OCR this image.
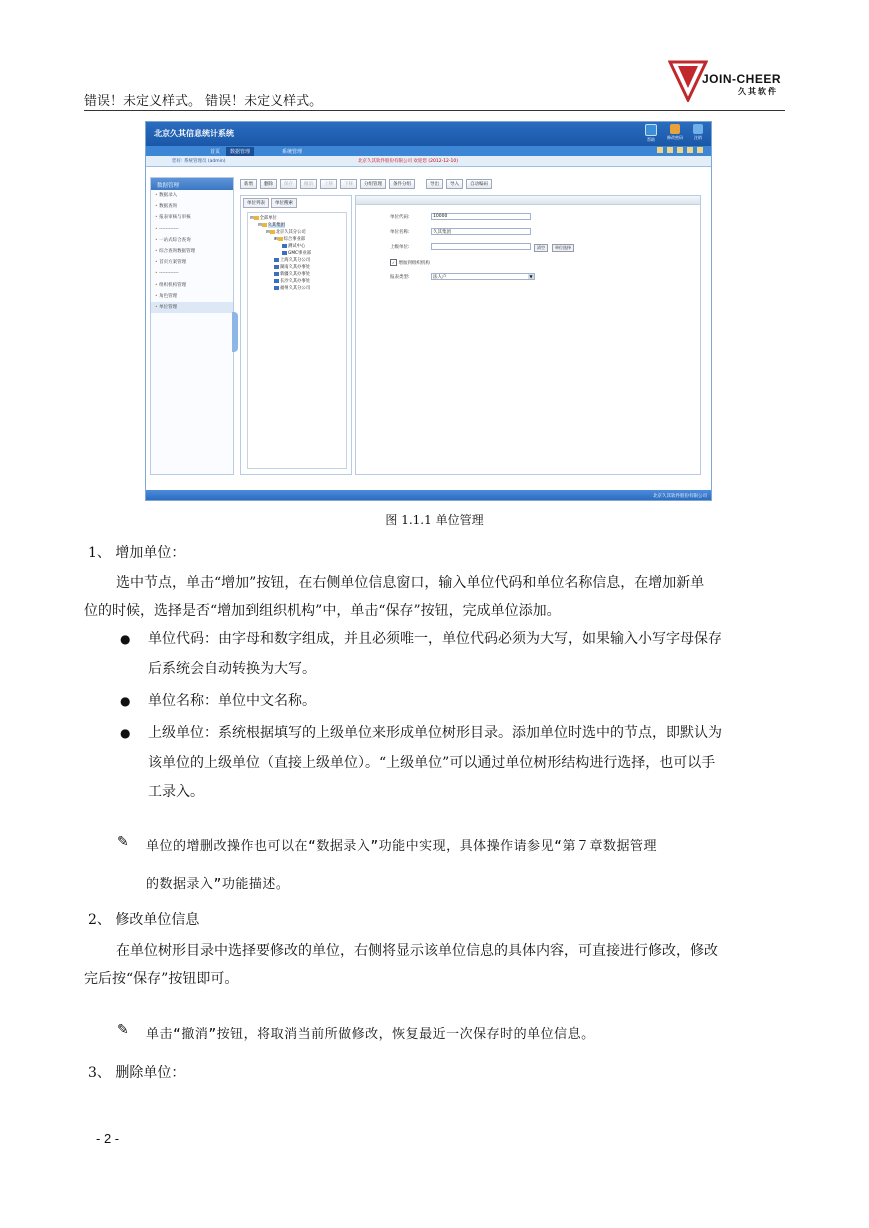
错误！未定义样式。 错误！未定义样式。
JOIN-CHEER
久其软件
北京久其信息统计系统
帮助	修改密码	注销
首页	数据管理	系统管理
您好: 系统管理员 (admin)	北京久其软件股份有限公司 欢迎您 (2012-12-10)
数据管理
• 数据录入
• 数据查询
• 报表审核与审核
• ------------
• 一站式综合查询
• 综合查询数据管理
• 首页方案管理
• ------------
• 组织机构管理
• 角色管理
• 单位管理
新增	删除	保存	撤消	上移	下移	分组管理	条件分组	导出	导入	自动编码
单位列表	单位搜索
⊟ 全部单位
⊟ 久其集团
⊟ 北京久其分公司
⊞ 综合事业部
测试中心
GMC事业部
上海久其分公司
湖南久其办事处
新疆久其办事处
长沙久其办事处
福州久其分公司
单位代码:	10000
单位名称:	久其集团
上级单位:	清空	单位选择
✓ 增加到组织机构
报表类型:	法人户	▼
北京久其软件股份有限公司
图 1.1.1 单位管理
1、 增加单位：
选中节点，单击“增加”按钮，在右侧单位信息窗口，输入单位代码和单位名称信息，在增加新单
位的时候，选择是否“增加到组织机构”中，单击“保存”按钮，完成单位添加。
● 单位代码：由字母和数字组成，并且必须唯一，单位代码必须为大写，如果输入小写字母保存
后系统会自动转换为大写。
● 单位名称：单位中文名称。
● 上级单位：系统根据填写的上级单位来形成单位树形目录。添加单位时选中的节点，即默认为
该单位的上级单位（直接上级单位）。“上级单位”可以通过单位树形结构进行选择，也可以手
工录入。
✎ 单位的增删改操作也可以在“数据录入”功能中实现，具体操作请参见“第７章数据管理
的数据录入”功能描述。
2、 修改单位信息
在单位树形目录中选择要修改的单位，右侧将显示该单位信息的具体内容，可直接进行修改，修改
完后按“保存”按钮即可。
✎ 单击“撤消”按钮，将取消当前所做修改，恢复最近一次保存时的单位信息。
3、 删除单位：
- 2 -
